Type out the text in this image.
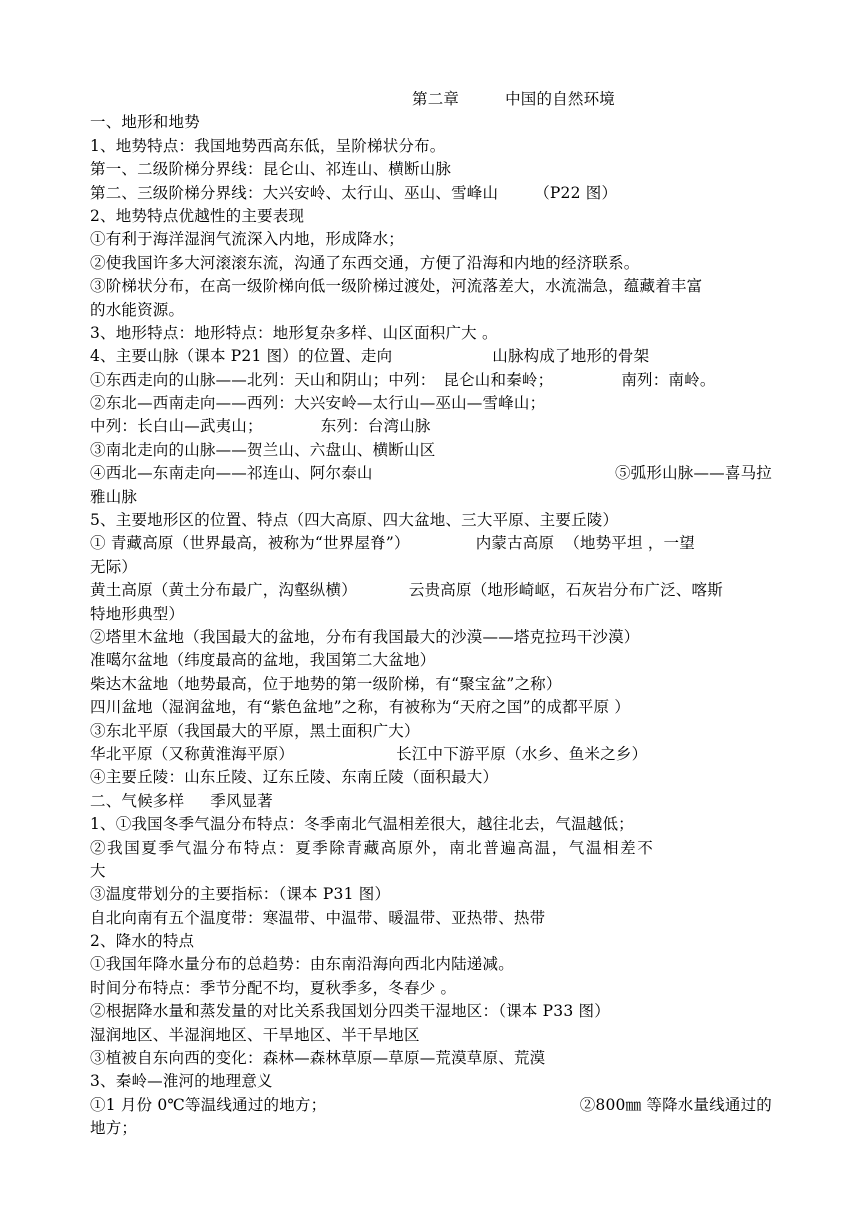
第二章	中国的自然环境
一、地形和地势
1、地势特点：我国地势西高东低，呈阶梯状分布。
第一、二级阶梯分界线：昆仑山、祁连山、横断山脉
第二、三级阶梯分界线：大兴安岭、太行山、巫山、雪峰山 （P22 图）
2、地势特点优越性的主要表现
①有利于海洋湿润气流深入内地，形成降水；
②使我国许多大河滚滚东流，沟通了东西交通，方便了沿海和内地的经济联系。
③阶梯状分布，在高一级阶梯向低一级阶梯过渡处，河流落差大，水流湍急，蕴藏着丰富
的水能资源。
3、地形特点：地形特点：地形复杂多样、山区面积广大 。
4、主要山脉（课本 P21 图）的位置、走向	山脉构成了地形的骨架
①东西走向的山脉——北列：天山和阴山；中列： 昆仑山和秦岭；	南列：南岭。
②东北—西南走向——西列：大兴安岭—太行山—巫山—雪峰山；
中列：长白山—武夷山；	东列：台湾山脉
③南北走向的山脉——贺兰山、六盘山、横断山区
④西北—东南走向——祁连山、阿尔泰山	⑤弧形山脉——喜马拉
雅山脉
5、主要地形区的位置、特点（四大高原、四大盆地、三大平原、主要丘陵）
① 青藏高原（世界最高，被称为“世界屋脊”）	内蒙古高原 （地势平坦 ，一望
无际）
黄土高原（黄土分布最广，沟壑纵横）	云贵高原（地形崎岖，石灰岩分布广泛、喀斯
特地形典型）
②塔里木盆地（我国最大的盆地，分布有我国最大的沙漠——塔克拉玛干沙漠）
准噶尔盆地（纬度最高的盆地，我国第二大盆地）
柴达木盆地（地势最高，位于地势的第一级阶梯，有“聚宝盆”之称）
四川盆地（湿润盆地，有“紫色盆地”之称，有被称为“天府之国”的成都平原 ）
③东北平原（我国最大的平原，黑土面积广大）
华北平原（又称黄淮海平原）	长江中下游平原（水乡、鱼米之乡）
④主要丘陵：山东丘陵、辽东丘陵、东南丘陵（面积最大）
二、气候多样 季风显著
1、①我国冬季气温分布特点：冬季南北气温相差很大，越往北去，气温越低；
②我国夏季气温分布特点：夏季除青藏高原外，南北普遍高温，气温相差不
大
③温度带划分的主要指标：（课本 P31 图）
自北向南有五个温度带：寒温带、中温带、暖温带、亚热带、热带
2、降水的特点
①我国年降水量分布的总趋势：由东南沿海向西北内陆递减。
时间分布特点：季节分配不均，夏秋季多，冬春少 。
②根据降水量和蒸发量的对比关系我国划分四类干湿地区：（课本 P33 图）
湿润地区、半湿润地区、干旱地区、半干旱地区
③植被自东向西的变化：森林—森林草原—草原—荒漠草原、荒漠
3、秦岭—淮河的地理意义
①1 月份 0℃等温线通过的地方；	②800㎜ 等降水量线通过的
地方；
